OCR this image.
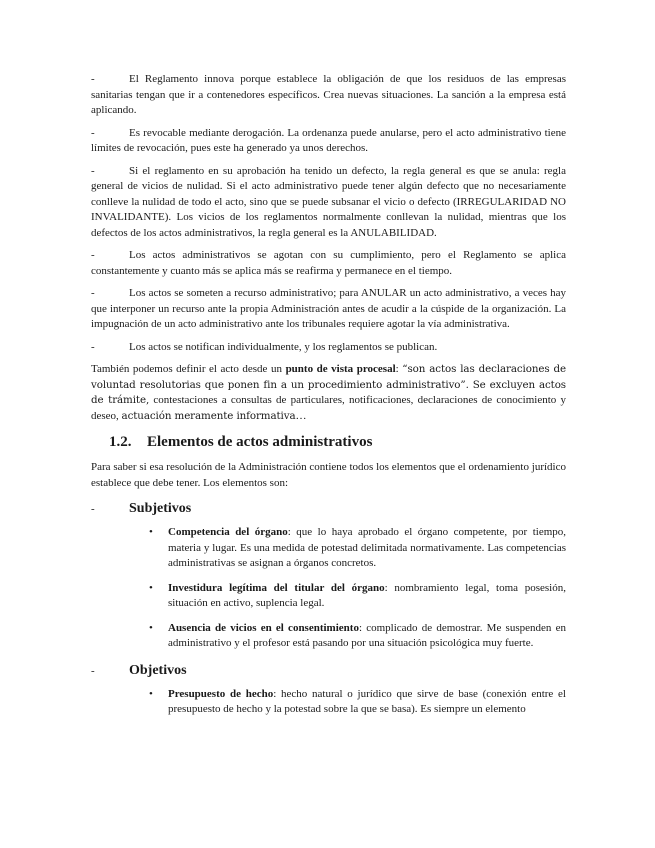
-	El Reglamento innova porque establece la obligación de que los residuos de las empresas sanitarias tengan que ir a contenedores específicos. Crea nuevas situaciones. La sanción a la empresa está aplicando.

-	Es revocable mediante derogación. La ordenanza puede anularse, pero el acto administrativo tiene límites de revocación, pues este ha generado ya unos derechos.

-	Si el reglamento en su aprobación ha tenido un defecto, la regla general es que se anula: regla general de vicios de nulidad. Si el acto administrativo puede tener algún defecto que no necesariamente conlleve la nulidad de todo el acto, sino que se puede subsanar el vicio o defecto (IRREGULARIDAD NO INVALIDANTE). Los vicios de los reglamentos normalmente conllevan la nulidad, mientras que los defectos de los actos administrativos, la regla general es la ANULABILIDAD.

-	Los actos administrativos se agotan con su cumplimiento, pero el Reglamento se aplica constantemente y cuanto más se aplica más se reafirma y permanece en el tiempo.

-	Los actos se someten a recurso administrativo; para ANULAR un acto administrativo, a veces hay que interponer un recurso ante la propia Administración antes de acudir a la cúspide de la organización. La impugnación de un acto administrativo ante los tribunales requiere agotar la vía administrativa.

-	Los actos se notifican individualmente, y los reglamentos se publican.

También podemos definir el acto desde un punto de vista procesal: “son actos las declaraciones de voluntad resolutorias que ponen fin a un procedimiento administrativo”. Se excluyen actos de trámite, contestaciones a consultas de particulares, notificaciones, declaraciones de conocimiento y deseo, actuación meramente informativa…

1.2. Elementos de actos administrativos

Para saber si esa resolución de la Administración contiene todos los elementos que el ordenamiento jurídico establece que debe tener. Los elementos son:

- Subjetivos
• Competencia del órgano: que lo haya aprobado el órgano competente, por tiempo, materia y lugar. Es una medida de potestad delimitada normativamente. Las competencias administrativas se asignan a órganos concretos.
• Investidura legítima del titular del órgano: nombramiento legal, toma posesión, situación en activo, suplencia legal.
• Ausencia de vicios en el consentimiento: complicado de demostrar. Me suspenden en administrativo y el profesor está pasando por una situación psicológica muy fuerte.
- Objetivos
• Presupuesto de hecho: hecho natural o jurídico que sirve de base (conexión entre el presupuesto de hecho y la potestad sobre la que se basa). Es siempre un elemento
